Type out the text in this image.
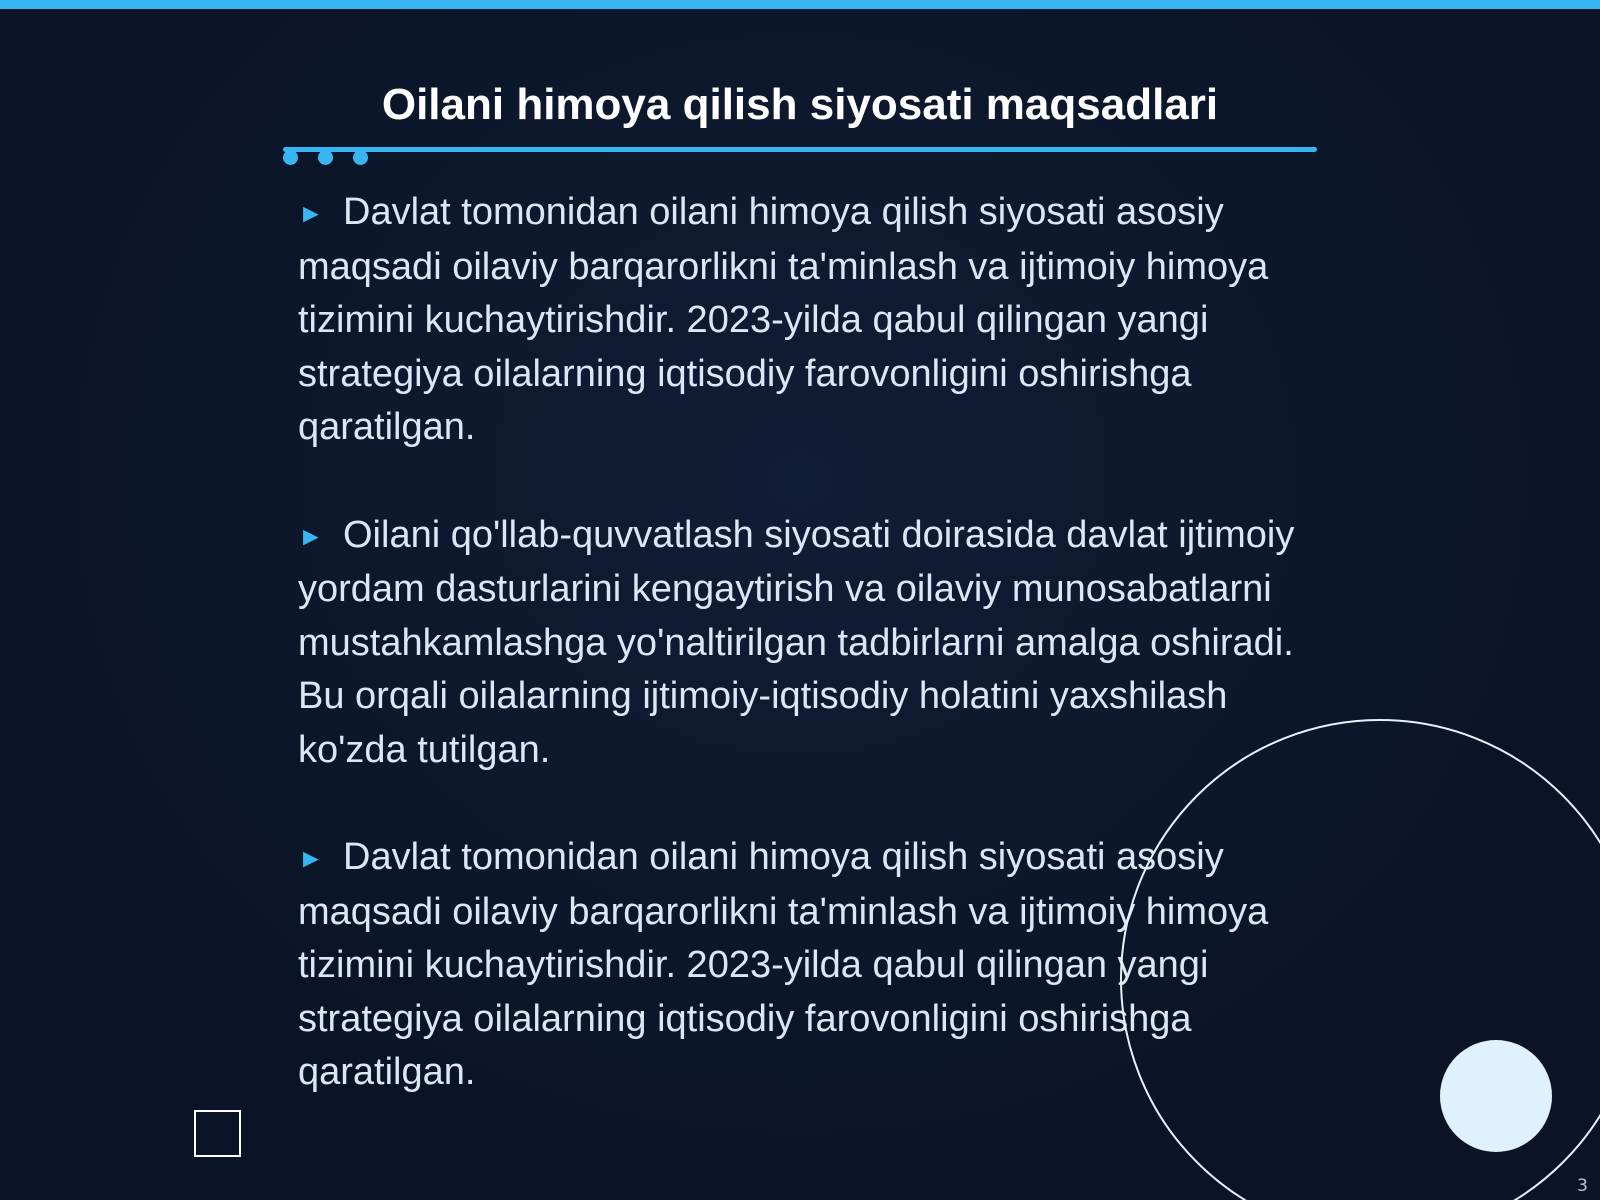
Oilani himoya qilish siyosati maqsadlari

► Davlat tomonidan oilani himoya qilish siyosati asosiy maqsadi oilaviy barqarorlikni ta'minlash va ijtimoiy himoya tizimini kuchaytirishdir. 2023-yilda qabul qilingan yangi strategiya oilalarning iqtisodiy farovonligini oshirishga qaratilgan.

► Oilani qo'llab-quvvatlash siyosati doirasida davlat ijtimoiy yordam dasturlarini kengaytirish va oilaviy munosabatlarni mustahkamlashga yo'naltirilgan tadbirlarni amalga oshiradi. Bu orqali oilalarning ijtimoiy-iqtisodiy holatini yaxshilash ko'zda tutilgan.

► Davlat tomonidan oilani himoya qilish siyosati asosiy maqsadi oilaviy barqarorlikni ta'minlash va ijtimoiy himoya tizimini kuchaytirishdir. 2023-yilda qabul qilingan yangi strategiya oilalarning iqtisodiy farovonligini oshirishga qaratilgan.

3
